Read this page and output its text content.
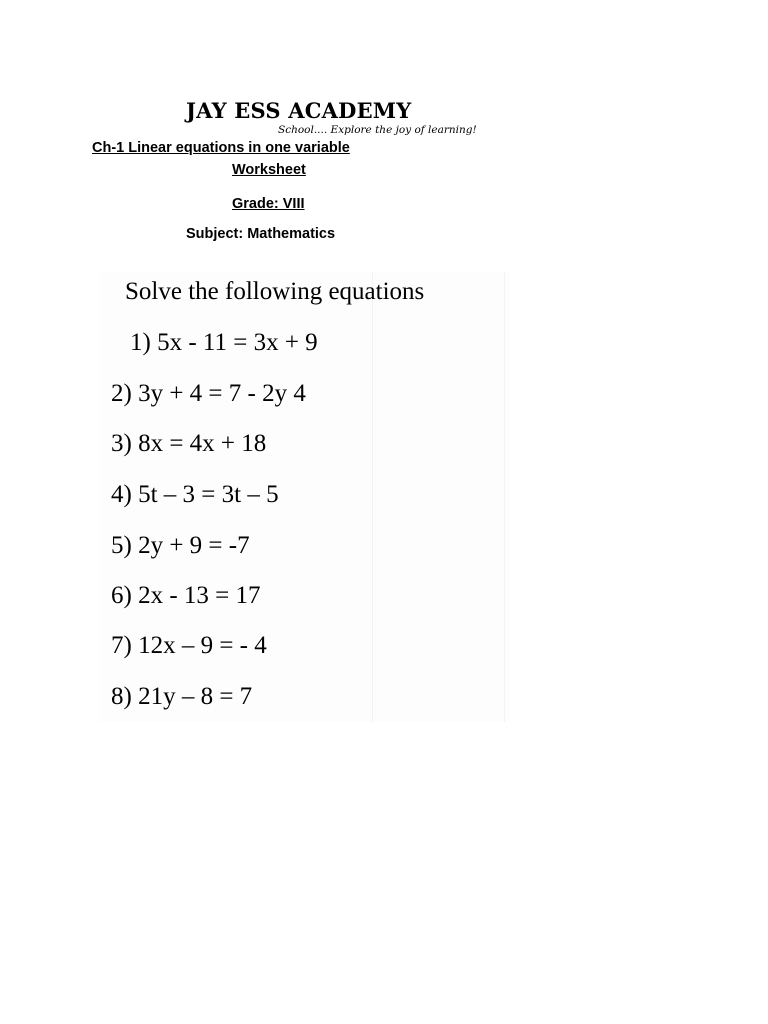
JAY ESS ACADEMY
School.... Explore the joy of learning!
Ch-1 Linear equations in one variable
Worksheet
Grade: VIII
Subject: Mathematics
Solve the following equations
1) 5x - 11 = 3x + 9
2) 3y + 4 = 7 - 2y 4
3) 8x = 4x + 18
4) 5t – 3 = 3t – 5
5) 2y + 9 = -7
6) 2x - 13 = 17
7) 12x – 9 = - 4
8) 21y – 8 = 7
